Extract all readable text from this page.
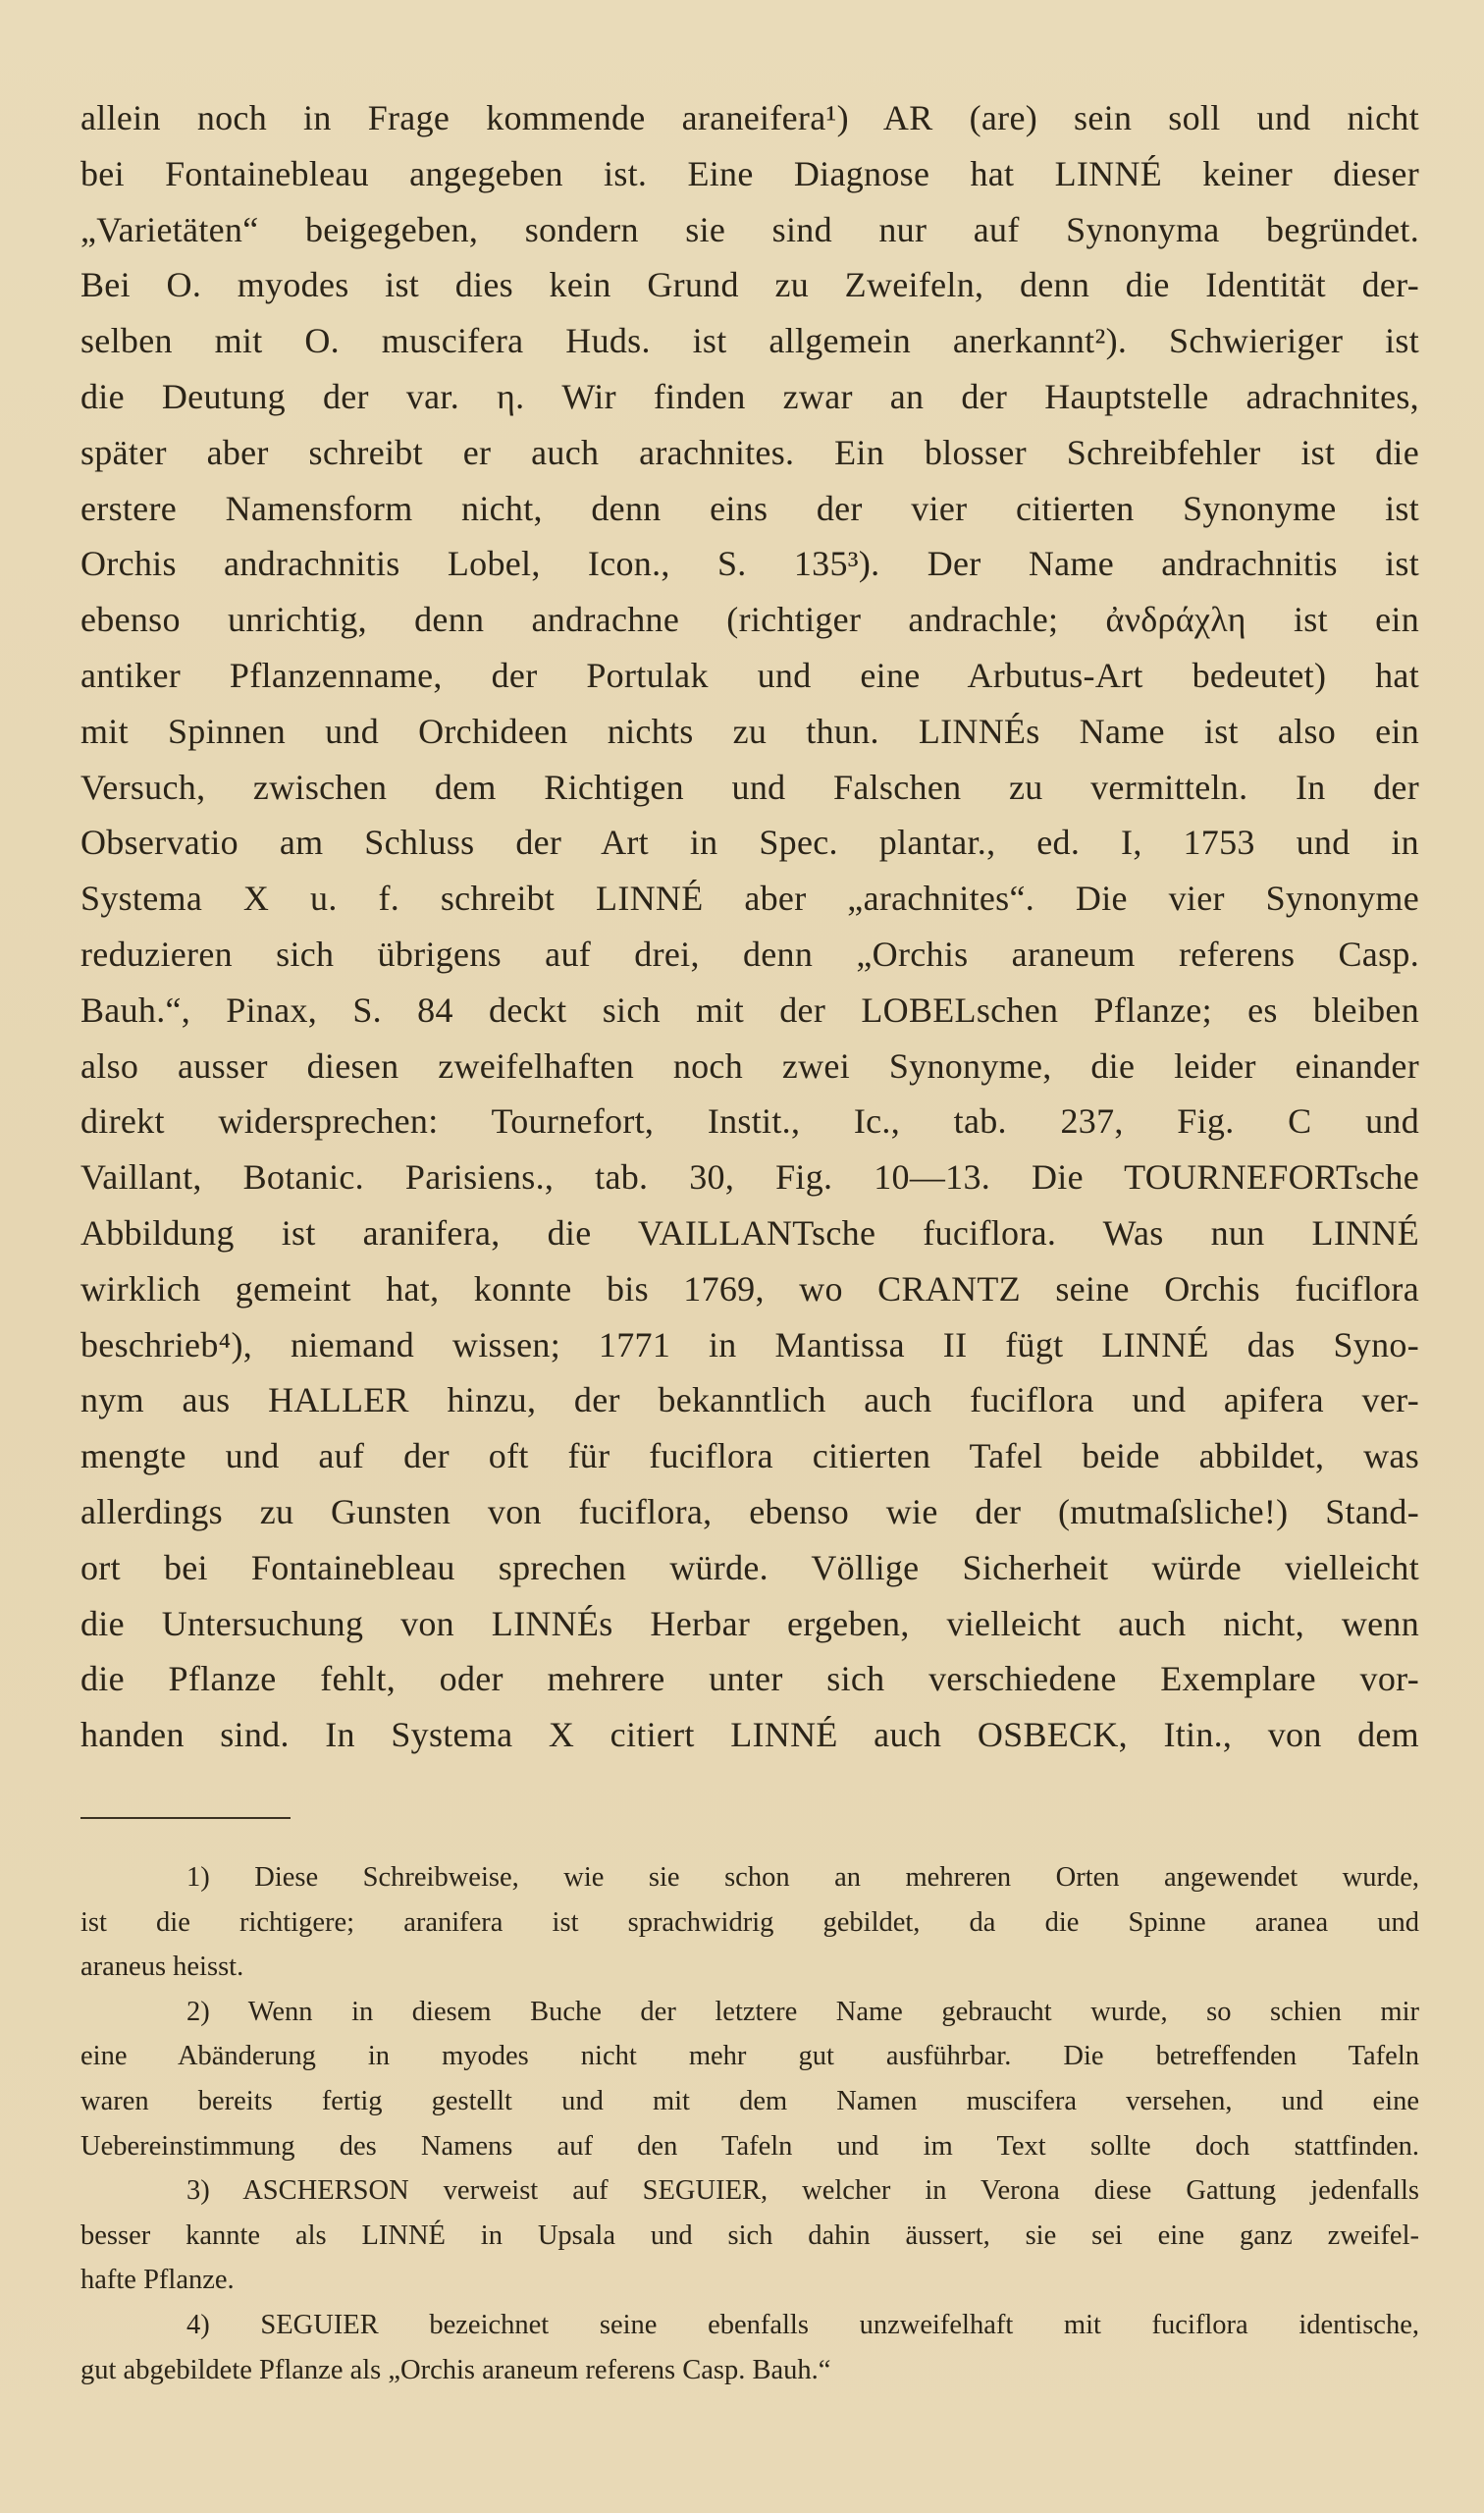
allein noch in Frage kommende araneifera¹) AR (are) sein soll und nicht
bei Fontainebleau angegeben ist. Eine Diagnose hat LINNÉ keiner dieser
„Varietäten“ beigegeben, sondern sie sind nur auf Synonyma begründet.
Bei O. myodes ist dies kein Grund zu Zweifeln, denn die Identität der-
selben mit O. muscifera Huds. ist allgemein anerkannt²). Schwieriger ist
die Deutung der var. η. Wir finden zwar an der Hauptstelle adrachnites,
später aber schreibt er auch arachnites. Ein blosser Schreibfehler ist die
erstere Namensform nicht, denn eins der vier citierten Synonyme ist
Orchis andrachnitis Lobel, Icon., S. 135³). Der Name andrachnitis ist
ebenso unrichtig, denn andrachne (richtiger andrachle; ἀνδράχλη ist ein
antiker Pflanzenname, der Portulak und eine Arbutus-Art bedeutet) hat
mit Spinnen und Orchideen nichts zu thun. LINNÉs Name ist also ein
Versuch, zwischen dem Richtigen und Falschen zu vermitteln. In der
Observatio am Schluss der Art in Spec. plantar., ed. I, 1753 und in
Systema X u. f. schreibt LINNÉ aber „arachnites“. Die vier Synonyme
reduzieren sich übrigens auf drei, denn „Orchis araneum referens Casp.
Bauh.“, Pinax, S. 84 deckt sich mit der LOBELschen Pflanze; es bleiben
also ausser diesen zweifelhaften noch zwei Synonyme, die leider einander
direkt widersprechen: Tournefort, Instit., Ic., tab. 237, Fig. C und
Vaillant, Botanic. Parisiens., tab. 30, Fig. 10—13. Die TOURNEFORTsche
Abbildung ist aranifera, die VAILLANTsche fuciflora. Was nun LINNÉ
wirklich gemeint hat, konnte bis 1769, wo CRANTZ seine Orchis fuciflora
beschrieb⁴), niemand wissen; 1771 in Mantissa II fügt LINNÉ das Syno-
nym aus HALLER hinzu, der bekanntlich auch fuciflora und apifera ver-
mengte und auf der oft für fuciflora citierten Tafel beide abbildet, was
allerdings zu Gunsten von fuciflora, ebenso wie der (mutmaſsliche!) Stand-
ort bei Fontainebleau sprechen würde. Völlige Sicherheit würde vielleicht
die Untersuchung von LINNÉs Herbar ergeben, vielleicht auch nicht, wenn
die Pflanze fehlt, oder mehrere unter sich verschiedene Exemplare vor-
handen sind. In Systema X citiert LINNÉ auch OSBECK, Itin., von dem
1) Diese Schreibweise, wie sie schon an mehreren Orten angewendet wurde,
ist die richtigere; aranifera ist sprachwidrig gebildet, da die Spinne aranea und
araneus heisst.
2) Wenn in diesem Buche der letztere Name gebraucht wurde, so schien mir
eine Abänderung in myodes nicht mehr gut ausführbar. Die betreffenden Tafeln
waren bereits fertig gestellt und mit dem Namen muscifera versehen, und eine
Uebereinstimmung des Namens auf den Tafeln und im Text sollte doch stattfinden.
3) ASCHERSON verweist auf SEGUIER, welcher in Verona diese Gattung jedenfalls
besser kannte als LINNÉ in Upsala und sich dahin äussert, sie sei eine ganz zweifel-
hafte Pflanze.
4) SEGUIER bezeichnet seine ebenfalls unzweifelhaft mit fuciflora identische,
gut abgebildete Pflanze als „Orchis araneum referens Casp. Bauh.“
